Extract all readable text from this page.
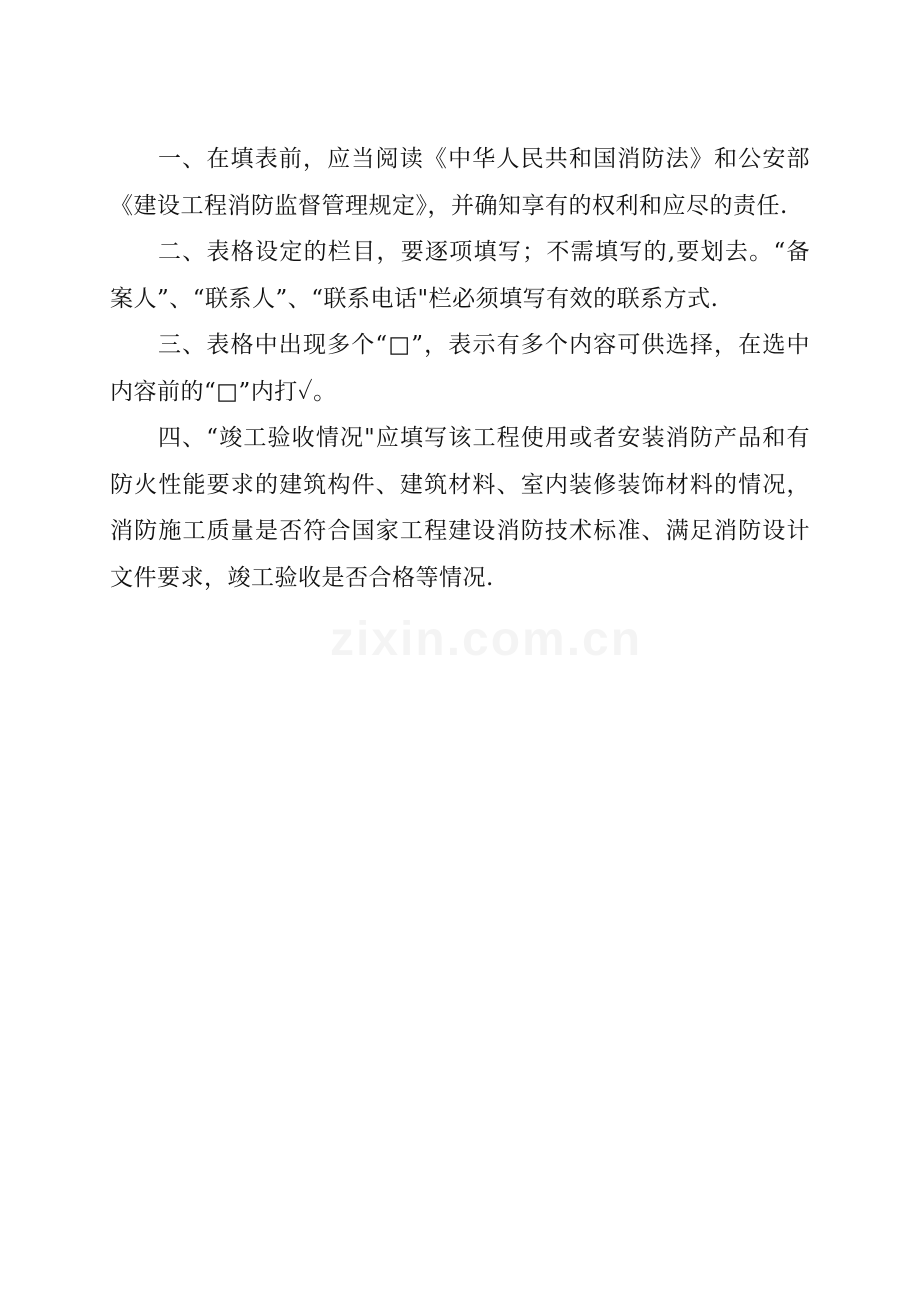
一、在填表前，应当阅读《中华人民共和国消防法》和公安部《建设工程消防监督管理规定》，并确知享有的权利和应尽的责任.

二、表格设定的栏目，要逐项填写；不需填写的,要划去。“备案人”、“联系人”、“联系电话"栏必须填写有效的联系方式.

三、表格中出现多个“□”，表示有多个内容可供选择，在选中内容前的“□”内打✓。

四、“竣工验收情况"应填写该工程使用或者安装消防产品和有防火性能要求的建筑构件、建筑材料、室内装修装饰材料的情况，消防施工质量是否符合国家工程建设消防技术标准、满足消防设计文件要求，竣工验收是否合格等情况.
